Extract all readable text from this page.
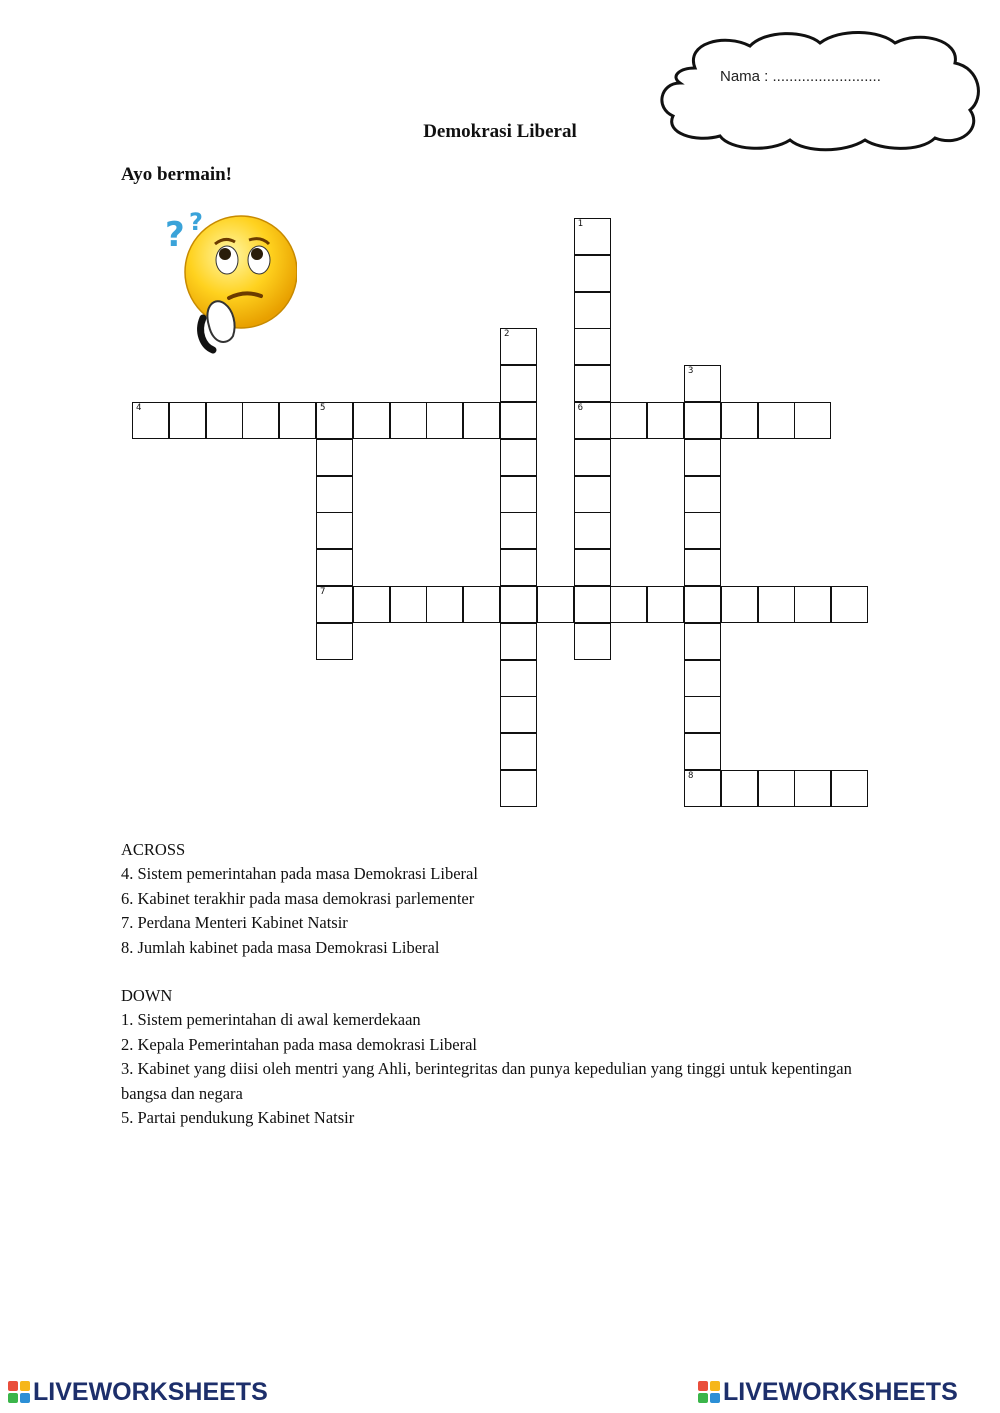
Nama : ..........................
Demokrasi Liberal
Ayo bermain!
? ?	1
6
2
3
8
4	5
7

ACROSS

4. Sistem pemerintahan pada masa Demokrasi Liberal

6. Kabinet terakhir pada masa demokrasi parlementer

7. Perdana Menteri Kabinet Natsir

8. Jumlah kabinet pada masa Demokrasi Liberal

DOWN

1. Sistem pemerintahan di awal kemerdekaan

2. Kepala Pemerintahan pada masa demokrasi Liberal

3. Kabinet yang diisi oleh mentri yang Ahli, berintegritas dan punya kepedulian yang tinggi untuk kepentingan bangsa dan negara

5. Partai pendukung Kabinet Natsir

LIVEWORKSHEETS	LIVEWORKSHEETS
